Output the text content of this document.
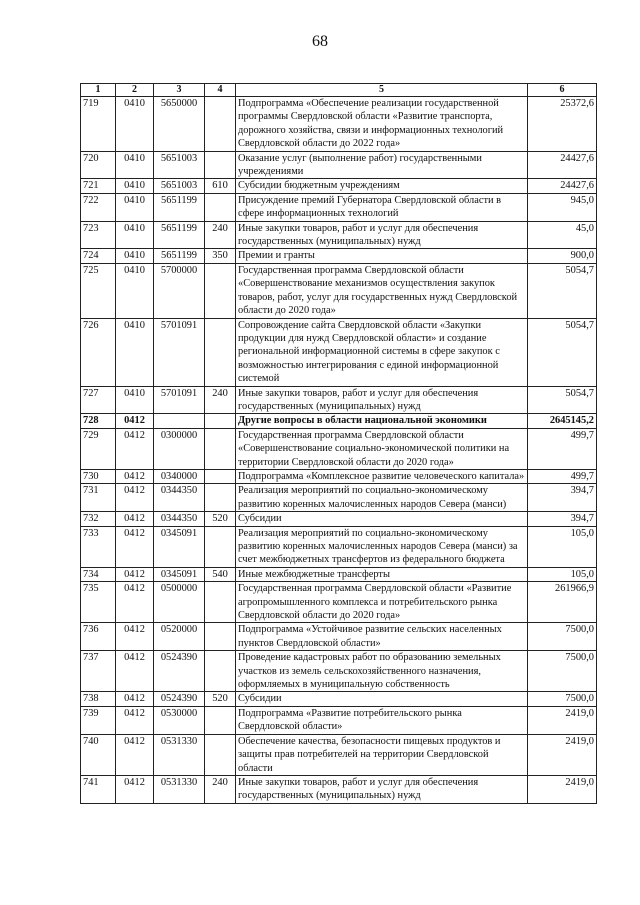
68
1	2	3	4	5	6
719	0410	5650000		Подпрограмма «Обеспечение реализации государственной программы Свердловской области «Развитие транспорта, дорожного хозяйства, связи и информационных технологий Свердловской области до 2022 года»	25372,6
720	0410	5651003		Оказание услуг (выполнение работ) государственными учреждениями	24427,6
721	0410	5651003	610	Субсидии бюджетным учреждениям	24427,6
722	0410	5651199		Присуждение премий Губернатора Свердловской области в сфере информационных технологий	945,0
723	0410	5651199	240	Иные закупки товаров, работ и услуг для обеспечения государственных (муниципальных) нужд	45,0
724	0410	5651199	350	Премии и гранты	900,0
725	0410	5700000		Государственная программа Свердловской области «Совершенствование механизмов осуществления закупок товаров, работ, услуг для государственных нужд Свердловской области до 2020 года»	5054,7
726	0410	5701091		Сопровождение сайта Свердловской области «Закупки продукции для нужд Свердловской области» и создание региональной информационной системы в сфере закупок с возможностью интегрирования с единой информационной системой	5054,7
727	0410	5701091	240	Иные закупки товаров, работ и услуг для обеспечения государственных (муниципальных) нужд	5054,7
728	0412			Другие вопросы в области национальной экономики	2645145,2
729	0412	0300000		Государственная программа Свердловской области «Совершенствование социально-экономической политики на территории Свердловской области до 2020 года»	499,7
730	0412	0340000		Подпрограмма «Комплексное развитие человеческого капитала»	499,7
731	0412	0344350		Реализация мероприятий по социально-экономическому развитию коренных малочисленных народов Севера (манси)	394,7
732	0412	0344350	520	Субсидии	394,7
733	0412	0345091		Реализация мероприятий по социально-экономическому развитию коренных малочисленных народов Севера (манси) за счет межбюджетных трансфертов из федерального бюджета	105,0
734	0412	0345091	540	Иные межбюджетные трансферты	105,0
735	0412	0500000		Государственная программа Свердловской области «Развитие агропромышленного комплекса и потребительского рынка Свердловской области до 2020 года»	261966,9
736	0412	0520000		Подпрограмма «Устойчивое развитие сельских населенных пунктов Свердловской области»	7500,0
737	0412	0524390		Проведение кадастровых работ по образованию земельных участков из земель сельскохозяйственного назначения, оформляемых в муниципальную собственность	7500,0
738	0412	0524390	520	Субсидии	7500,0
739	0412	0530000		Подпрограмма «Развитие потребительского рынка Свердловской области»	2419,0
740	0412	0531330		Обеспечение качества, безопасности пищевых продуктов и защиты прав потребителей на территории Свердловской области	2419,0
741	0412	0531330	240	Иные закупки товаров, работ и услуг для обеспечения государственных (муниципальных) нужд	2419,0
